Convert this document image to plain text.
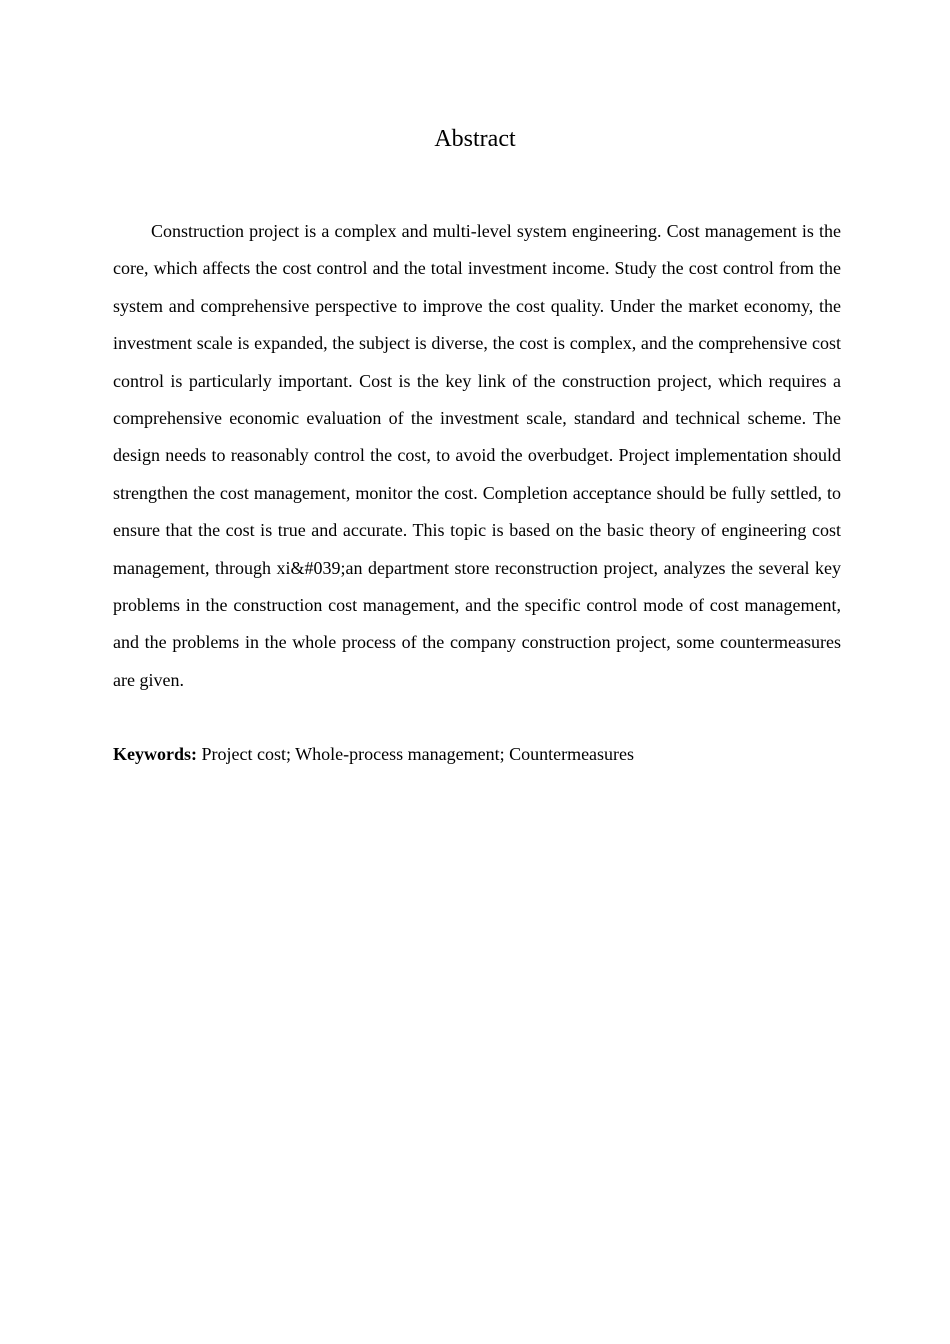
Abstract

Construction project is a complex and multi-level system engineering. Cost management is the core, which affects the cost control and the total investment income. Study the cost control from the system and comprehensive perspective to improve the cost quality. Under the market economy, the investment scale is expanded, the subject is diverse, the cost is complex, and the comprehensive cost control is particularly important. Cost is the key link of the construction project, which requires a comprehensive economic evaluation of the investment scale, standard and technical scheme. The design needs to reasonably control the cost, to avoid the overbudget. Project implementation should strengthen the cost management, monitor the cost. Completion acceptance should be fully settled, to ensure that the cost is true and accurate. This topic is based on the basic theory of engineering cost management, through xi&#039;an department store reconstruction project, analyzes the several key problems in the construction cost management, and the specific control mode of cost management, and the problems in the whole process of the company construction project, some countermeasures are given.

Keywords: Project cost; Whole-process management; Countermeasures
